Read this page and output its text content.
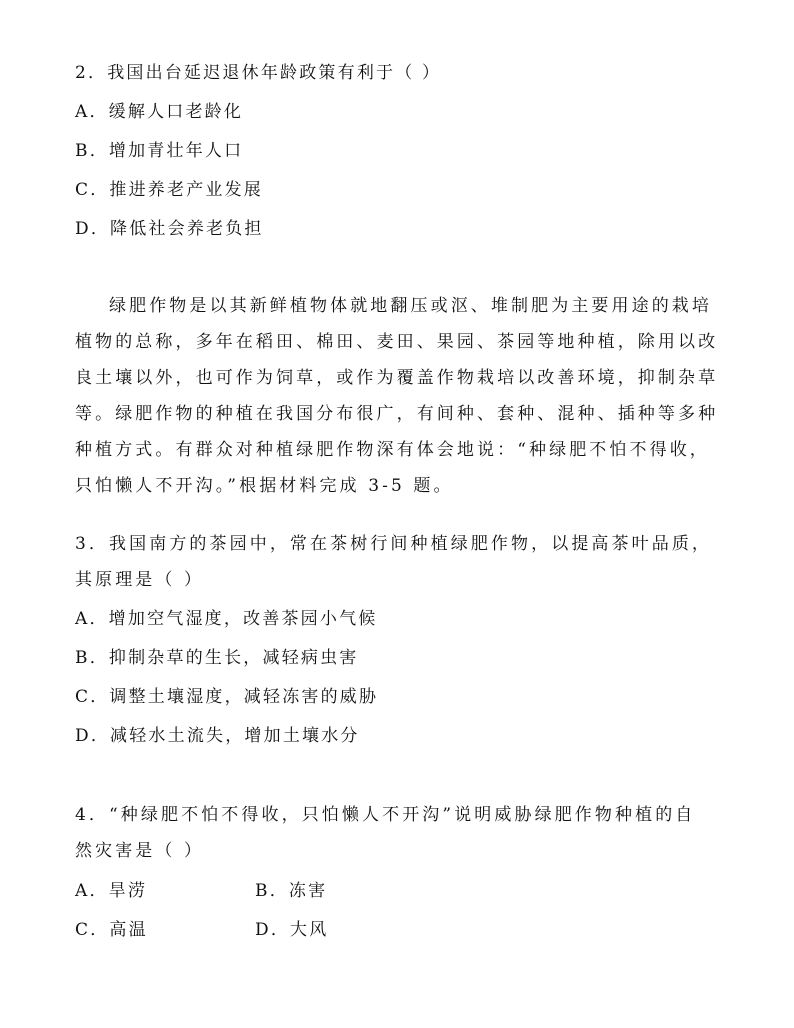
2．我国出台延迟退休年龄政策有利于（ ）
A．缓解人口老龄化
B．增加青壮年人口
C．推进养老产业发展
D．降低社会养老负担
绿肥作物是以其新鲜植物体就地翻压或沤、堆制肥为主要用途的栽培
植物的总称，多年在稻田、棉田、麦田、果园、茶园等地种植，除用以改
良土壤以外，也可作为饲草，或作为覆盖作物栽培以改善环境，抑制杂草
等。绿肥作物的种植在我国分布很广，有间种、套种、混种、插种等多种
种植方式。有群众对种植绿肥作物深有体会地说：“种绿肥不怕不得收，
只怕懒人不开沟。”根据材料完成 3-5 题。
3．我国南方的茶园中，常在茶树行间种植绿肥作物，以提高茶叶品质，
其原理是（ ）
A．增加空气湿度，改善茶园小气候
B．抑制杂草的生长，减轻病虫害
C．调整土壤湿度，减轻冻害的威胁
D．减轻水土流失，增加土壤水分
4．“种绿肥不怕不得收，只怕懒人不开沟”说明威胁绿肥作物种植的自
然灾害是（ ）
A．旱涝	B．冻害
C．高温	D．大风
